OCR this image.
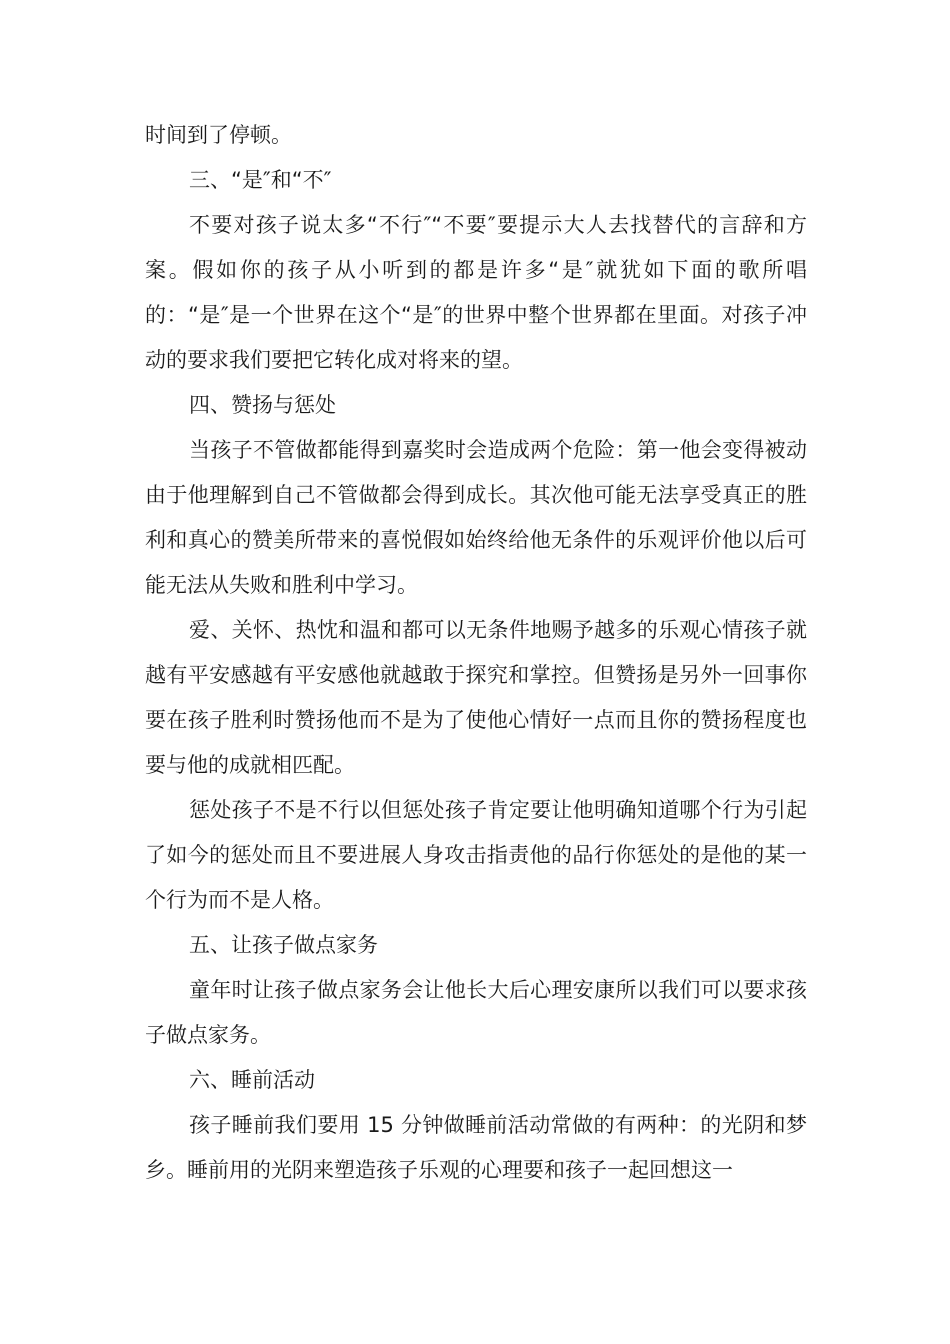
时间到了停顿。

三、“是″和“不″

不要对孩子说太多“不行″“不要″要提示大人去找替代的言辞和方案。假如你的孩子从小听到的都是许多“是″就犹如下面的歌所唱的：“是″是一个世界在这个“是″的世界中整个世界都在里面。对孩子冲动的要求我们要把它转化成对将来的望。

四、赞扬与惩处

当孩子不管做都能得到嘉奖时会造成两个危险：第一他会变得被动由于他理解到自己不管做都会得到成长。其次他可能无法享受真正的胜利和真心的赞美所带来的喜悦假如始终给他无条件的乐观评价他以后可能无法从失败和胜利中学习。

爱、关怀、热忱和温和都可以无条件地赐予越多的乐观心情孩子就越有平安感越有平安感他就越敢于探究和掌控。但赞扬是另外一回事你要在孩子胜利时赞扬他而不是为了使他心情好一点而且你的赞扬程度也要与他的成就相匹配。

惩处孩子不是不行以但惩处孩子肯定要让他明确知道哪个行为引起了如今的惩处而且不要进展人身攻击指责他的品行你惩处的是他的某一个行为而不是人格。

五、让孩子做点家务

童年时让孩子做点家务会让他长大后心理安康所以我们可以要求孩子做点家务。

六、睡前活动

孩子睡前我们要用 15 分钟做睡前活动常做的有两种：的光阴和梦乡。睡前用的光阴来塑造孩子乐观的心理要和孩子一起回想这一
